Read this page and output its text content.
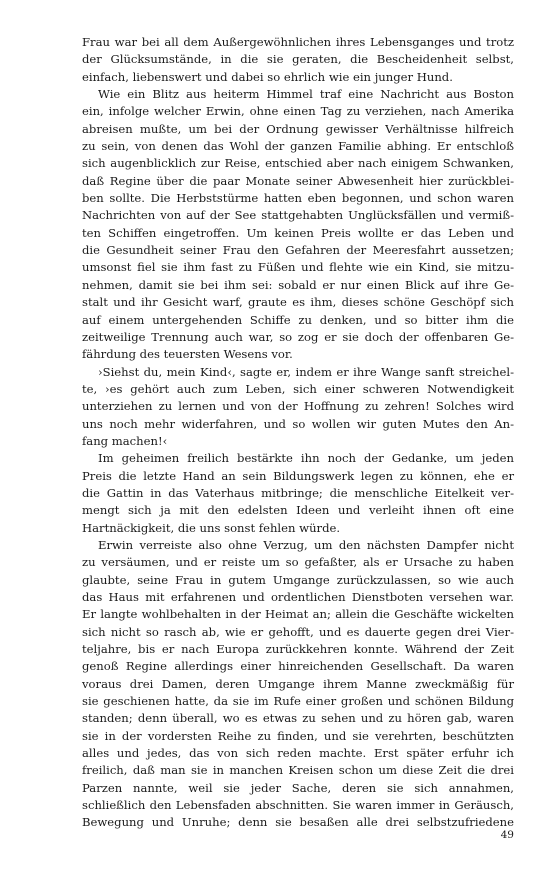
Frau war bei all dem Außergewöhnlichen ihres Lebensganges und trotz

der Glücksumstände, in die sie geraten, die Bescheidenheit selbst,

einfach, liebenswert und dabei so ehrlich wie ein junger Hund.

Wie ein Blitz aus heiterm Himmel traf eine Nachricht aus Boston

ein, infolge welcher Erwin, ohne einen Tag zu verziehen, nach Amerika

abreisen mußte, um bei der Ordnung gewisser Verhältnisse hilfreich

zu sein, von denen das Wohl der ganzen Familie abhing. Er entschloß

sich augenblicklich zur Reise, entschied aber nach einigem Schwanken,

daß Regine über die paar Monate seiner Abwesenheit hier zurückblei-

ben sollte. Die Herbststürme hatten eben begonnen, und schon waren

Nachrichten von auf der See stattgehabten Unglücksfällen und vermiß-

ten Schiffen eingetroffen. Um keinen Preis wollte er das Leben und

die Gesundheit seiner Frau den Gefahren der Meeresfahrt aussetzen;

umsonst fiel sie ihm fast zu Füßen und flehte wie ein Kind, sie mitzu-

nehmen, damit sie bei ihm sei: sobald er nur einen Blick auf ihre Ge-

stalt und ihr Gesicht warf, graute es ihm, dieses schöne Geschöpf sich

auf einem untergehenden Schiffe zu denken, und so bitter ihm die

zeitweilige Trennung auch war, so zog er sie doch der offenbaren Ge-

fährdung des teuersten Wesens vor.

›Siehst du, mein Kind‹, sagte er, indem er ihre Wange sanft streichel-

te, ›es gehört auch zum Leben, sich einer schweren Notwendigkeit

unterziehen zu lernen und von der Hoffnung zu zehren! Solches wird

uns noch mehr widerfahren, und so wollen wir guten Mutes den An-

fang machen!‹

Im geheimen freilich bestärkte ihn noch der Gedanke, um jeden

Preis die letzte Hand an sein Bildungswerk legen zu können, ehe er

die Gattin in das Vaterhaus mitbringe; die menschliche Eitelkeit ver-

mengt sich ja mit den edelsten Ideen und verleiht ihnen oft eine

Hartnäckigkeit, die uns sonst fehlen würde.

Erwin verreiste also ohne Verzug, um den nächsten Dampfer nicht

zu versäumen, und er reiste um so gefaßter, als er Ursache zu haben

glaubte, seine Frau in gutem Umgange zurückzulassen, so wie auch

das Haus mit erfahrenen und ordentlichen Dienstboten versehen war.

Er langte wohlbehalten in der Heimat an; allein die Geschäfte wickelten

sich nicht so rasch ab, wie er gehofft, und es dauerte gegen drei Vier-

teljahre, bis er nach Europa zurückkehren konnte. Während der Zeit

genoß Regine allerdings einer hinreichenden Gesellschaft. Da waren

voraus drei Damen, deren Umgange ihrem Manne zweckmäßig für

sie geschienen hatte, da sie im Rufe einer großen und schönen Bildung

standen; denn überall, wo es etwas zu sehen und zu hören gab, waren

sie in der vordersten Reihe zu finden, und sie verehrten, beschützten

alles und jedes, das von sich reden machte. Erst später erfuhr ich

freilich, daß man sie in manchen Kreisen schon um diese Zeit die drei

Parzen nannte, weil sie jeder Sache, deren sie sich annahmen,

schließlich den Lebensfaden abschnitten. Sie waren immer in Geräusch,

Bewegung und Unruhe; denn sie besaßen alle drei selbstzufriedene

49
